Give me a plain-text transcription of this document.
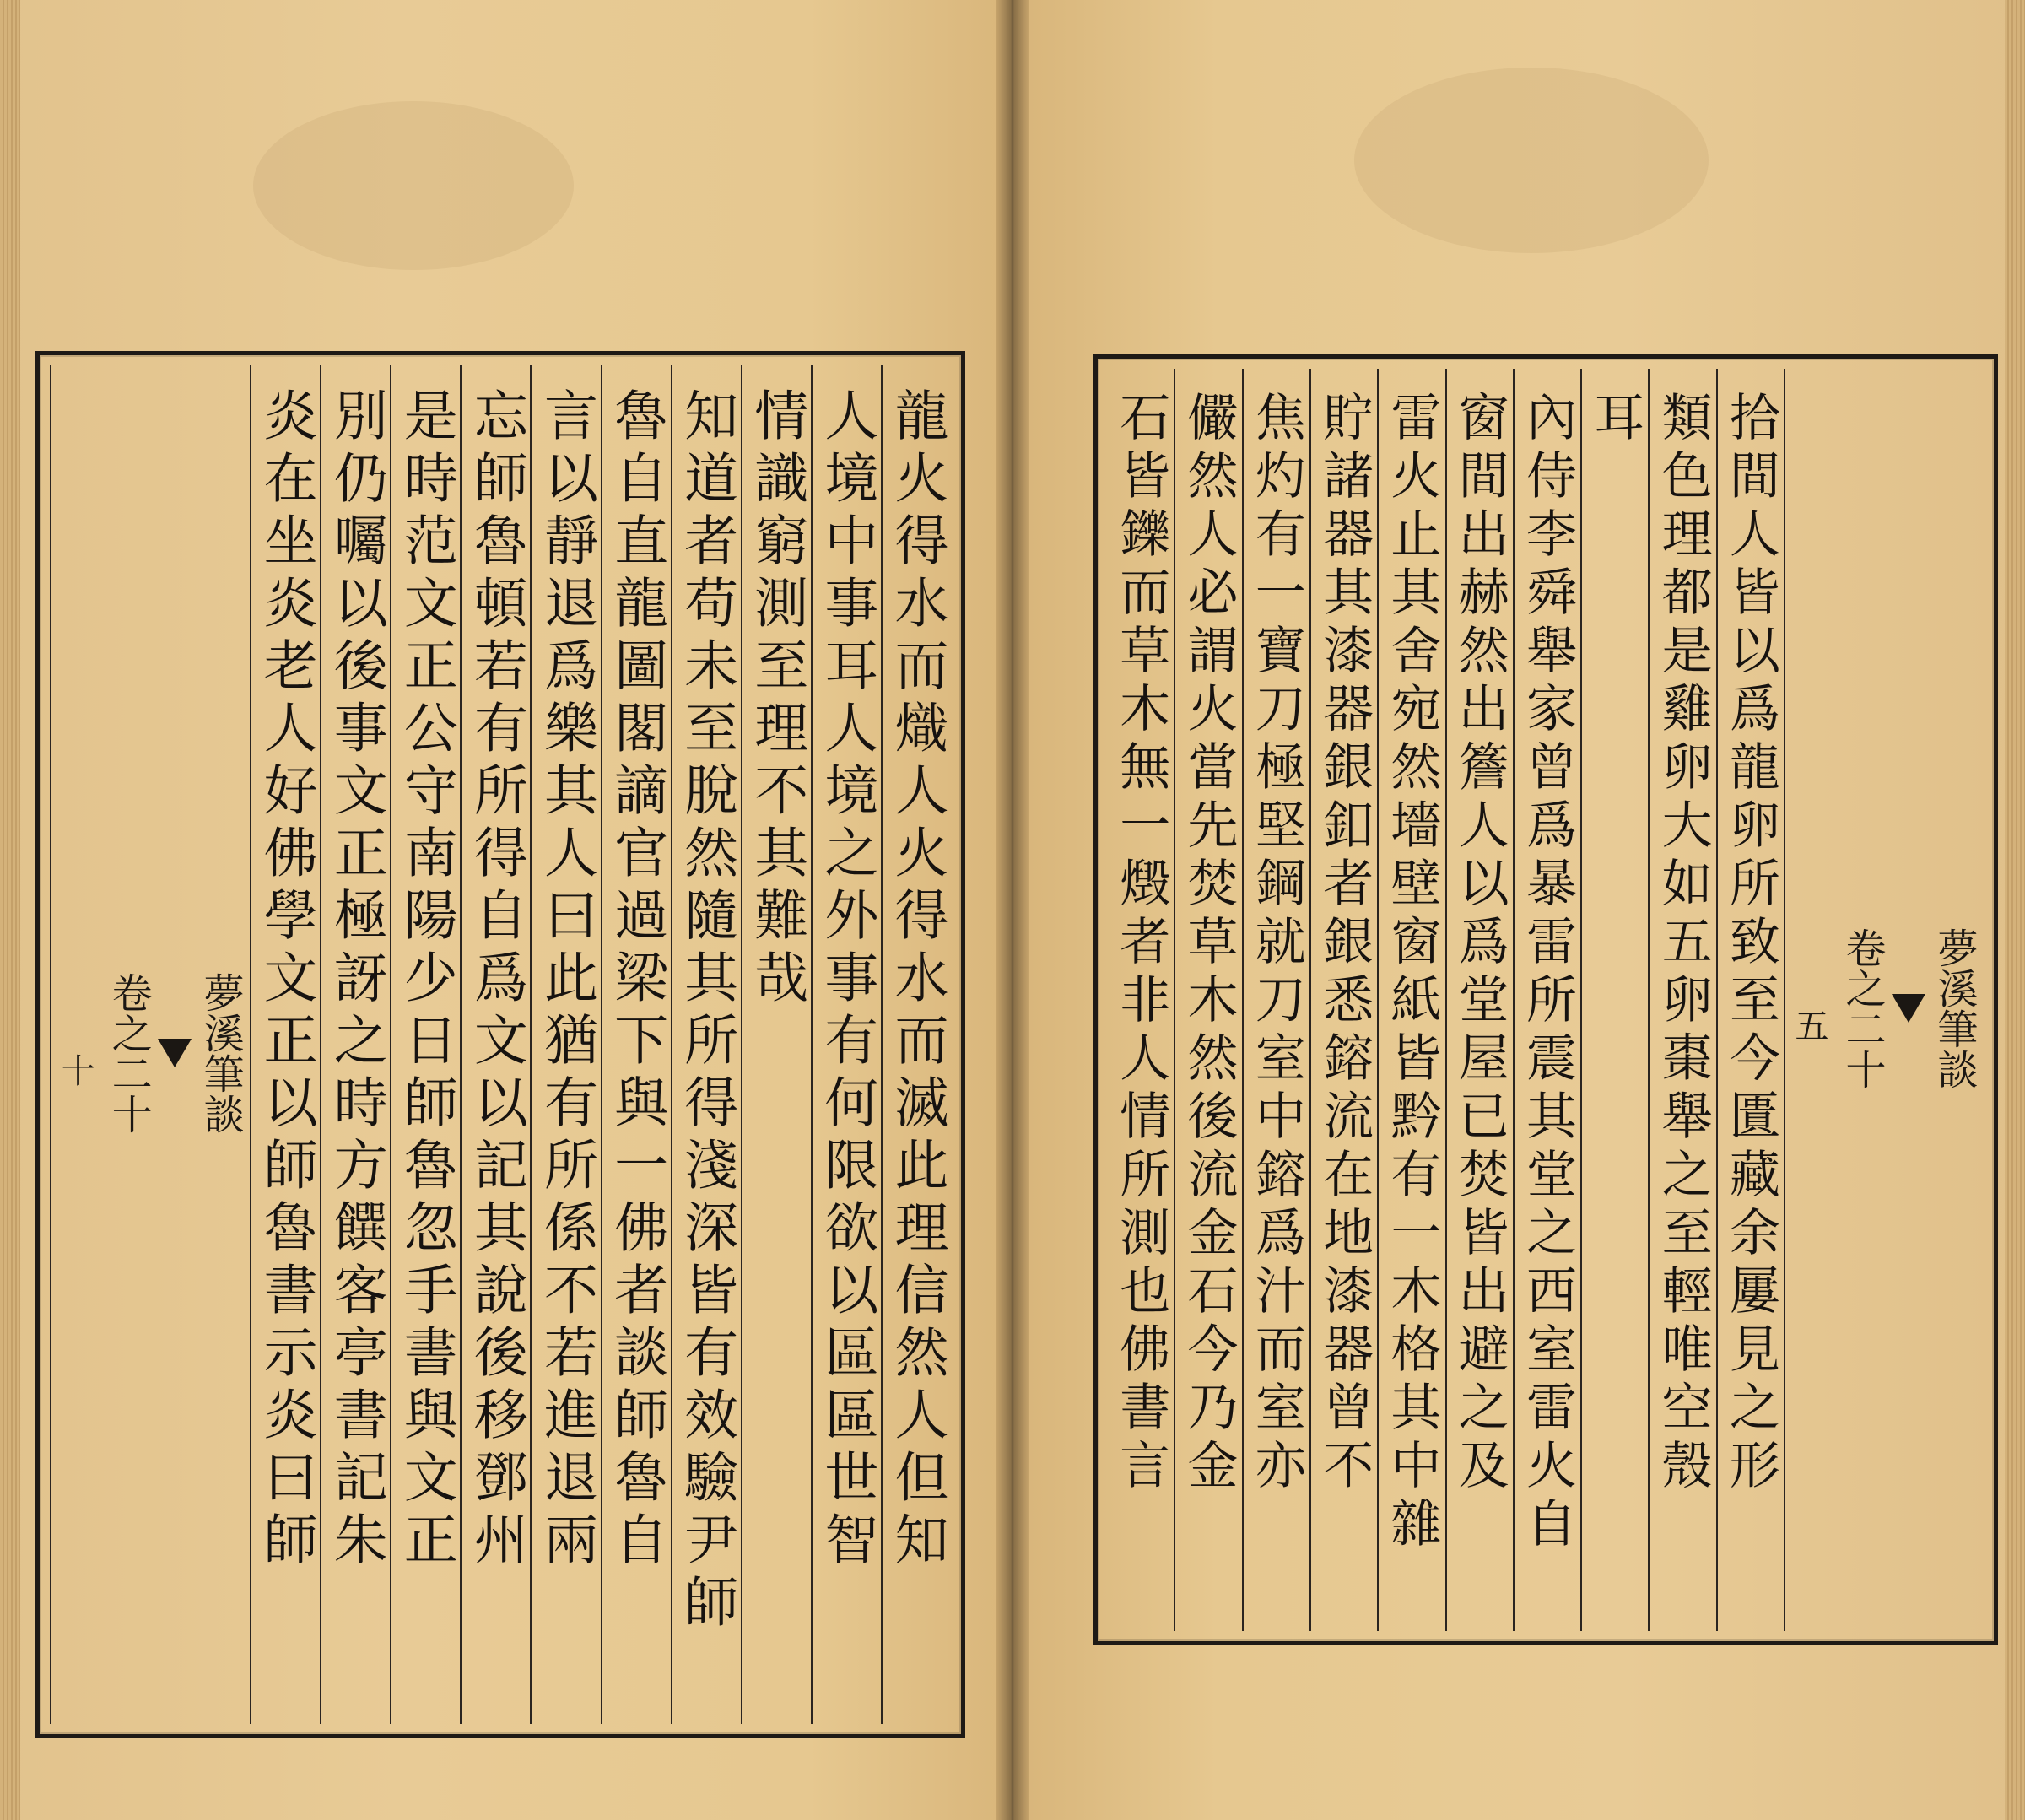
龍火得水而熾人火得水而滅此理信然人但知
人境中事耳人境之外事有何限欲以區區世智
情識窮測至理不其難哉
知道者苟未至脫然隨其所得淺深皆有效驗尹師
魯自直龍圖閣謫官過梁下與一佛者談師魯自
言以靜退爲樂其人曰此猶有所係不若進退兩
忘師魯頓若有所得自爲文以記其說後移鄧州
是時范文正公守南陽少日師魯忽手書與文正
別仍囑以後事文正極訝之時方饌客亭書記朱
炎在坐炎老人好佛學文正以師魯書示炎曰師
夢溪筆談
卷之二十
十	夢溪筆談
卷之二十
五
拾間人皆以爲龍卵所致至今匱藏余屢見之形
類色理都是雞卵大如五卵棗舉之至輕唯空殼
耳
內侍李舜舉家曾爲暴雷所震其堂之西室雷火自
窗間出赫然出簷人以爲堂屋已焚皆出避之及
雷火止其舍宛然墻壁窗紙皆黔有一木格其中雜
貯諸器其漆器銀釦者銀悉鎔流在地漆器曾不
焦灼有一寶刀極堅鋼就刀室中鎔爲汁而室亦
儼然人必謂火當先焚草木然後流金石今乃金
石皆鑠而草木無一燬者非人情所測也佛書言
